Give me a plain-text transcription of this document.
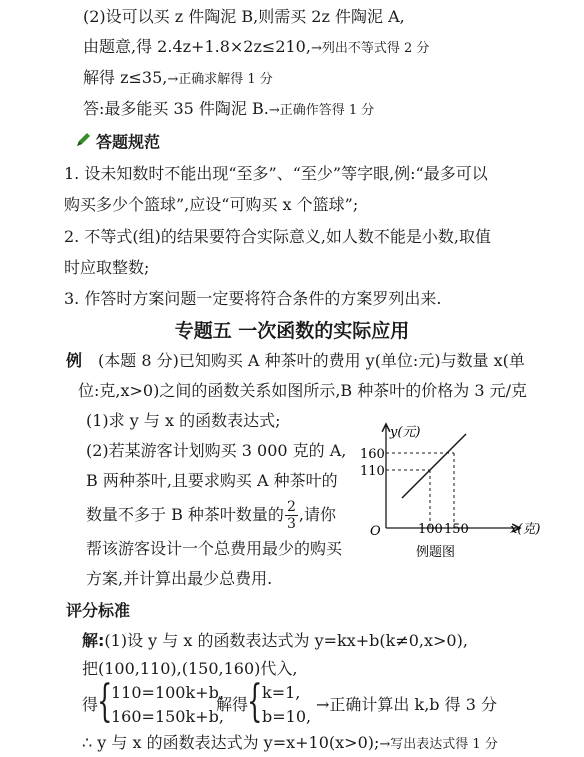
(2)设可以买 z 件陶泥 B,则需买 2z 件陶泥 A,
由题意,得 2.4z+1.8×2z≤210,→列出不等式得 2 分
解得 z≤35,→正确求解得 1 分
答:最多能买 35 件陶泥 B.→正确作答得 1 分
答题规范
1. 设未知数时不能出现“至多”、“至少”等字眼,例:“最多可以
购买多少个篮球”,应设“可购买 x 个篮球”;
2. 不等式(组)的结果要符合实际意义,如人数不能是小数,取值
时应取整数;
3. 作答时方案问题一定要将符合条件的方案罗列出来.
专题五 一次函数的实际应用
例 (本题 8 分)已知购买 A 种茶叶的费用 y(单位:元)与数量 x(单
位:克,x>0)之间的函数关系如图所示,B 种茶叶的价格为 3 元/克
(1)求 y 与 x 的函数表达式;
(2)若某游客计划购买 3 000 克的 A,
B 两种茶叶,且要求购买 A 种茶叶的
数量不多于 B 种茶叶数量的 $\frac{2}{3}$ ,请你
帮该游客设计一个总费用最少的购买
方案,并计算出最少总费用.
y(元)
160
110
O	100 150	x(克)
例题图
评分标准
解:(1)设 y 与 x 的函数表达式为 y=kx+b(k≠0,x>0),
把(100,110),(150,160)代入,
得
{
110=100k+b,
160=150k+b,
解得
{ k=1,
b=10,
→正确计算出 k,b 得 3 分
∴ y 与 x 的函数表达式为 y=x+10(x>0);→写出表达式得 1 分
